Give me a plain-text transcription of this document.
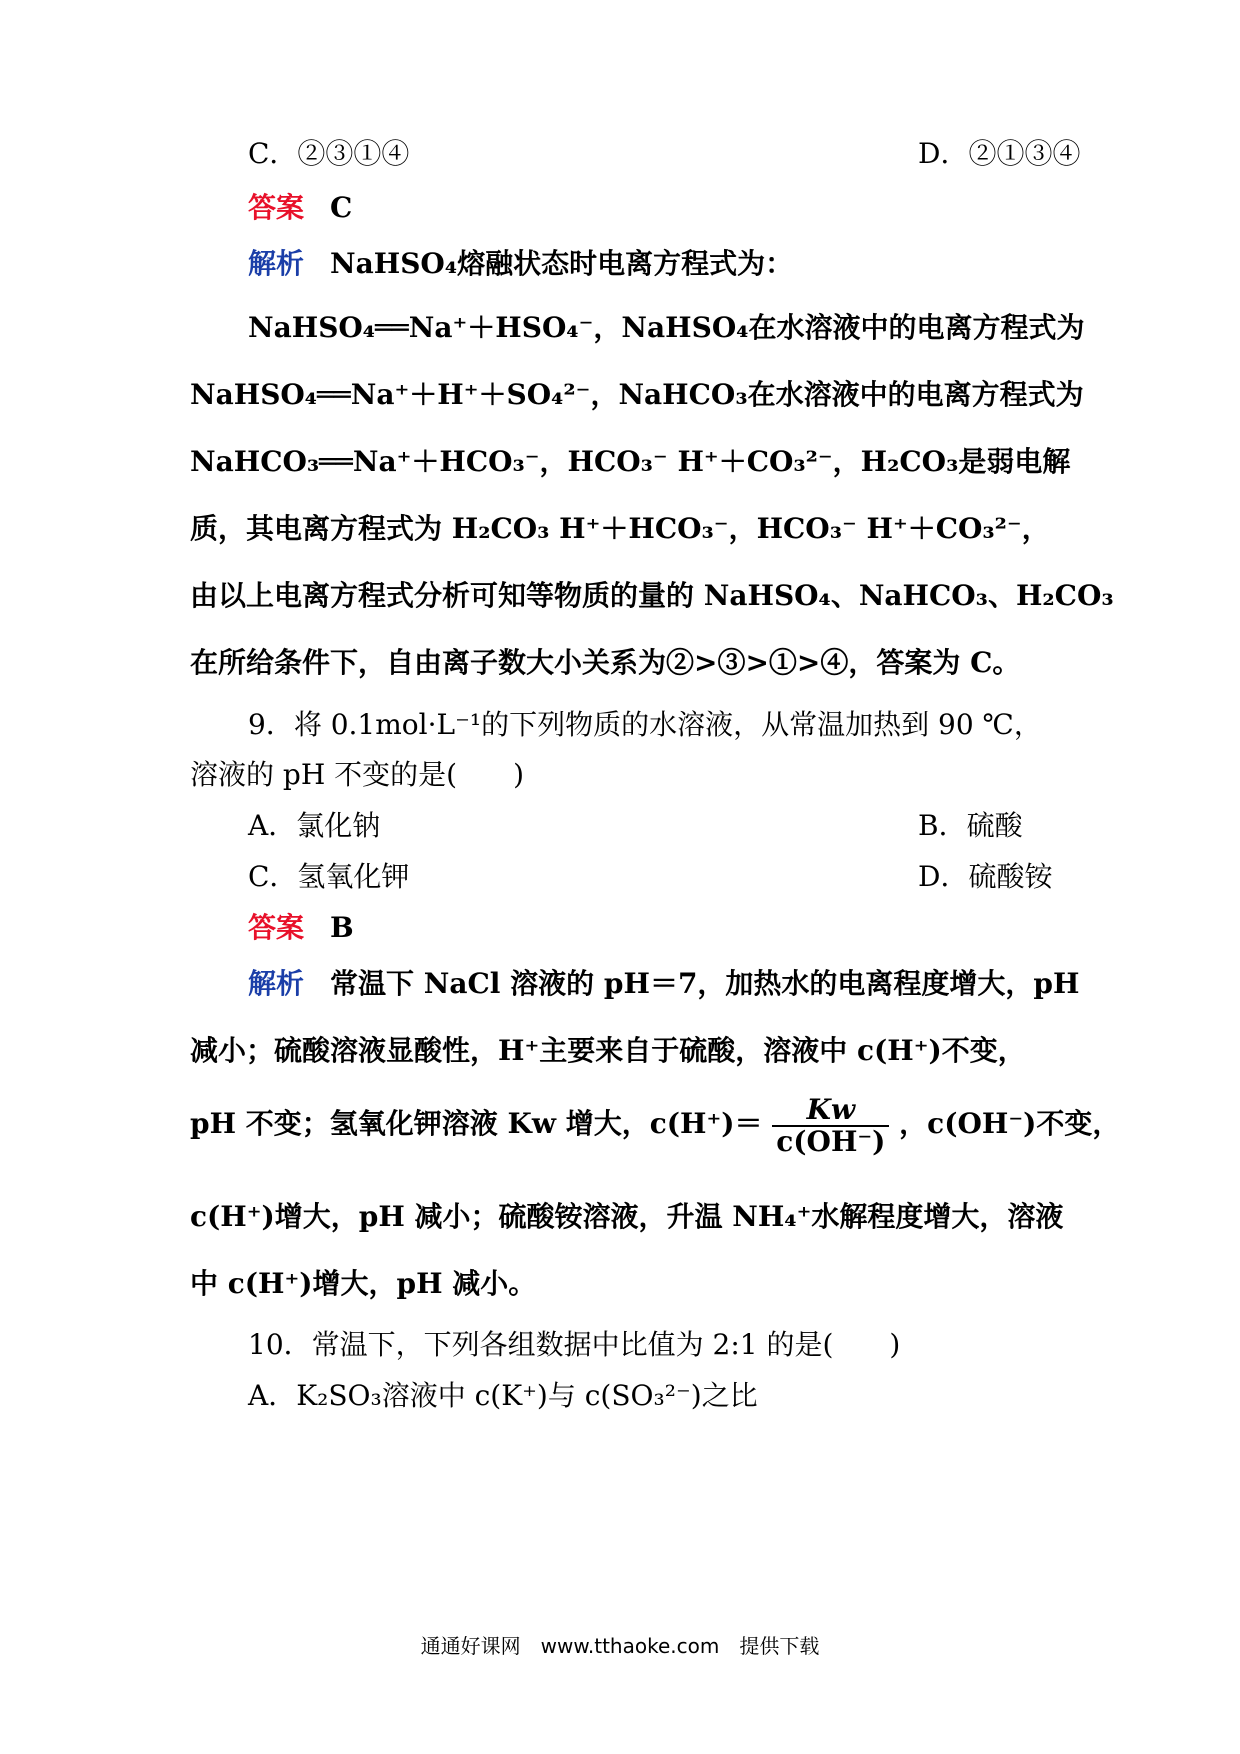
C．②③①④	D．②①③④
答案 C
解析 NaHSO₄熔融状态时电离方程式为：
NaHSO₄══Na⁺＋HSO₄⁻，NaHSO₄在水溶液中的电离方程式为
NaHSO₄══Na⁺＋H⁺＋SO₄²⁻，NaHCO₃在水溶液中的电离方程式为
NaHCO₃══Na⁺＋HCO₃⁻，HCO₃⁻ H⁺＋CO₃²⁻，H₂CO₃是弱电解
质，其电离方程式为 H₂CO₃ H⁺＋HCO₃⁻，HCO₃⁻ H⁺＋CO₃²⁻，
由以上电离方程式分析可知等物质的量的 NaHSO₄、NaHCO₃、H₂CO₃
在所给条件下，自由离子数大小关系为②>③>①>④，答案为 C。
9．将 0.1mol·L⁻¹的下列物质的水溶液，从常温加热到 90 ℃，
溶液的 pH 不变的是(　　)
A．氯化钠	B．硫酸
C．氢氧化钾	D．硫酸铵
答案 B
解析 常温下 NaCl 溶液的 pH＝7，加热水的电离程度增大，pH
减小；硫酸溶液显酸性，H⁺主要来自于硫酸，溶液中 c(H⁺)不变，
pH 不变；氢氧化钾溶液 Kw 增大，$c(H^+)= \frac{Kw}{c(OH^-)}$ ，c(OH⁻)不变，
c(H⁺)增大，pH 减小；硫酸铵溶液，升温 NH₄⁺水解程度增大，溶液
中 c(H⁺)增大，pH 减小。
10．常温下，下列各组数据中比值为 2:1 的是(　　)
A．K₂SO₃溶液中 c(K⁺)与 c(SO₃²⁻)之比
通通好课网　www.tthaoke.com　提供下载
